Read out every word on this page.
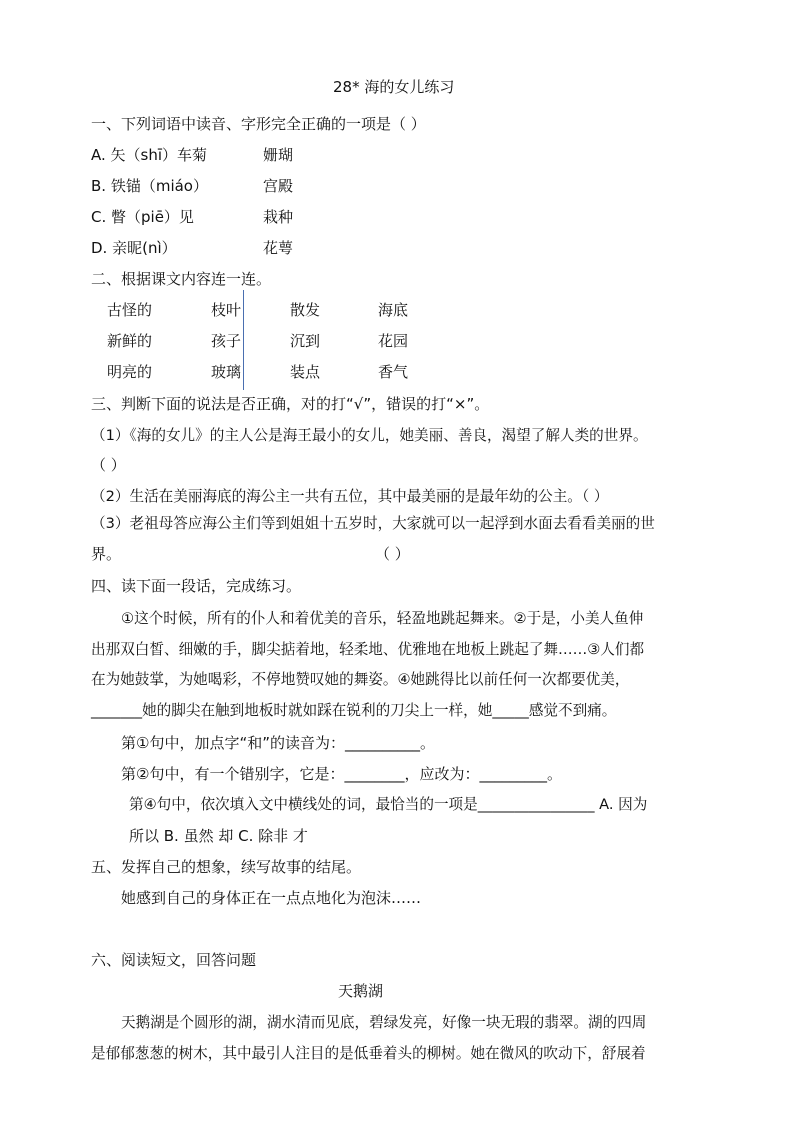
28* 海的女儿练习
一、下列词语中读音、字形完全正确的一项是（ ）
A. 矢（shī）车菊	姗瑚
B. 铁锚（miáo）	宫殿
C. 瞥（piē）见	栽种
D. 亲昵(nì）	花萼
二、根据课文内容连一连。
古怪的	枝叶	散发	海底
新鲜的	孩子	沉到	花园
明亮的	玻璃	装点	香气
三、判断下面的说法是否正确，对的打“√”，错误的打“×”。
（1）《海的女儿》的主人公是海王最小的女儿，她美丽、善良，渴望了解人类的世界。
（ ）
（2）生活在美丽海底的海公主一共有五位，其中最美丽的是最年幼的公主。（ ）
（3）老祖母答应海公主们等到姐姐十五岁时，大家就可以一起浮到水面去看看美丽的世
界。	（ ）
四、读下面一段话，完成练习。
①这个时候，所有的仆人和着优美的音乐，轻盈地跳起舞来。②于是，小美人鱼伸
出那双白皙、细嫩的手，脚尖掂着地，轻柔地、优雅地在地板上跳起了舞……③人们都
在为她鼓掌，为她喝彩，不停地赞叹她的舞姿。④她跳得比以前任何一次都要优美，
_______她的脚尖在触到地板时就如踩在锐利的刀尖上一样，她_____感觉不到痛。
第①句中，加点字“和”的读音为：__________。
第②句中，有一个错别字，它是：________，应改为：_________。
第④句中，依次填入文中横线处的词，最恰当的一项是________________ A. 因为
所以 B. 虽然 却 C. 除非 才
五、发挥自己的想象，续写故事的结尾。
她感到自己的身体正在一点点地化为泡沫……
六、阅读短文，回答问题
天鹅湖
天鹅湖是个圆形的湖，湖水清而见底，碧绿发亮，好像一块无瑕的翡翠。湖的四周
是郁郁葱葱的树木，其中最引人注目的是低垂着头的柳树。她在微风的吹动下，舒展着
